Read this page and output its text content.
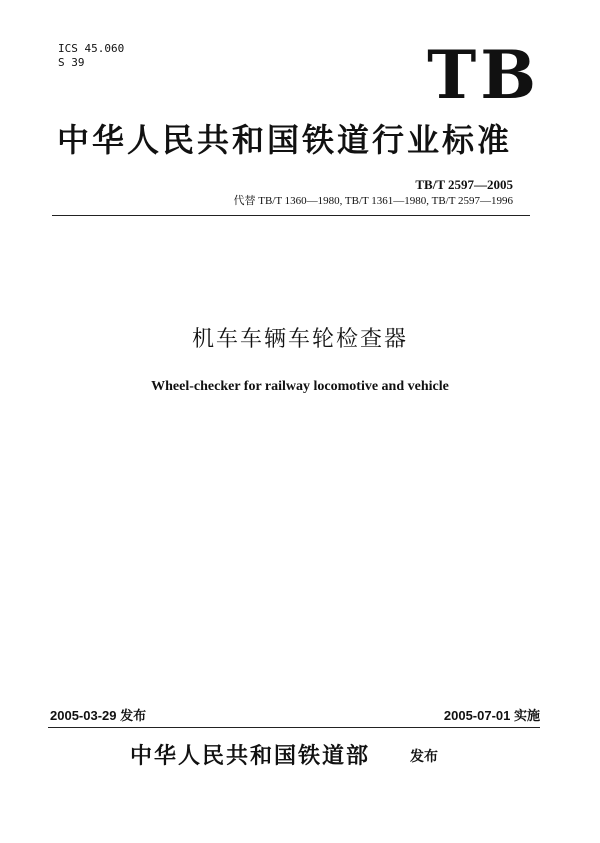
ICS 45.060
S 39	TB
中华人民共和国铁道行业标准
TB/T 2597—2005
代替 TB/T 1360—1980, TB/T 1361—1980, TB/T 2597—1996
机车车辆车轮检查器
Wheel-checker for railway locomotive and vehicle
2005-03-29 发布	2005-07-01 实施
中华人民共和国铁道部	发布
